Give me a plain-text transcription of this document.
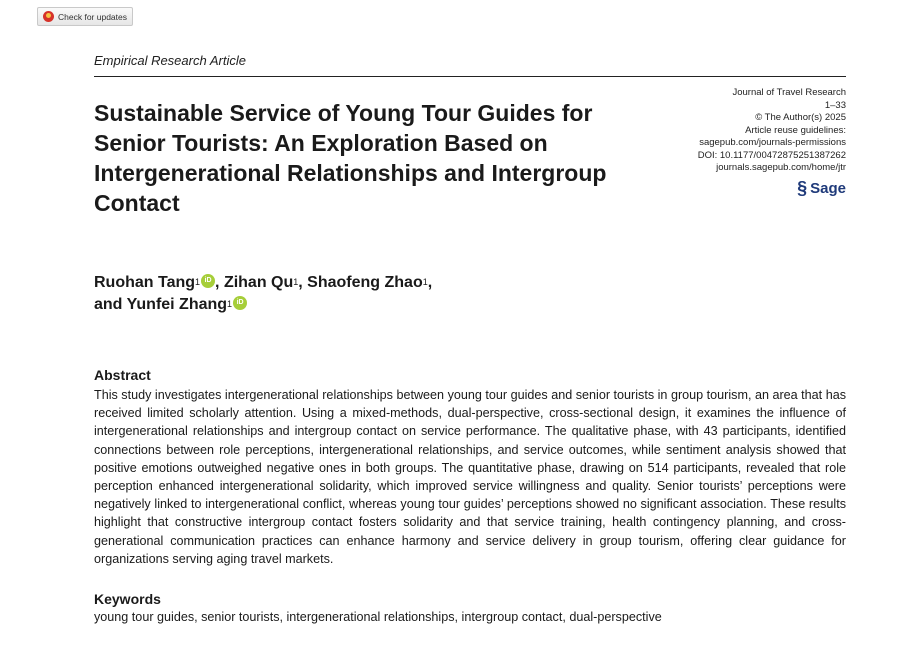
Check for updates
Empirical Research Article
Sustainable Service of Young Tour Guides for Senior Tourists: An Exploration Based on Intergenerational Relationships and Intergroup Contact
Journal of Travel Research
1–33
© The Author(s) 2025
Article reuse guidelines:
sagepub.com/journals-permissions
DOI: 10.1177/00472875251387262
journals.sagepub.com/home/jtr
§ Sage
Ruohan Tang$^1$ iD , Zihan Qu$^1$, Shaofeng Zhao$^1$,
and Yunfei Zhang$^1$ iD
Abstract
This study investigates intergenerational relationships between young tour guides and senior tourists in group tourism, an area that has received limited scholarly attention. Using a mixed-methods, dual-perspective, cross-sectional design, it examines the influence of intergenerational relationships and intergroup contact on service performance. The qualitative phase, with 43 participants, identified connections between role perceptions, intergenerational relationships, and service outcomes, while sentiment analysis showed that positive emotions outweighed negative ones in both groups. The quantitative phase, drawing on 514 participants, revealed that role perception enhanced intergenerational solidarity, which improved service willingness and quality. Senior tourists’ perceptions were negatively linked to intergenerational conflict, whereas young tour guides’ perceptions showed no significant association. These results highlight that constructive intergroup contact fosters solidarity and that service training, health contingency planning, and cross-generational communication practices can enhance harmony and service delivery in group tourism, offering clear guidance for organizations serving aging travel markets.
Keywords
young tour guides, senior tourists, intergenerational relationships, intergroup contact, dual-perspective
